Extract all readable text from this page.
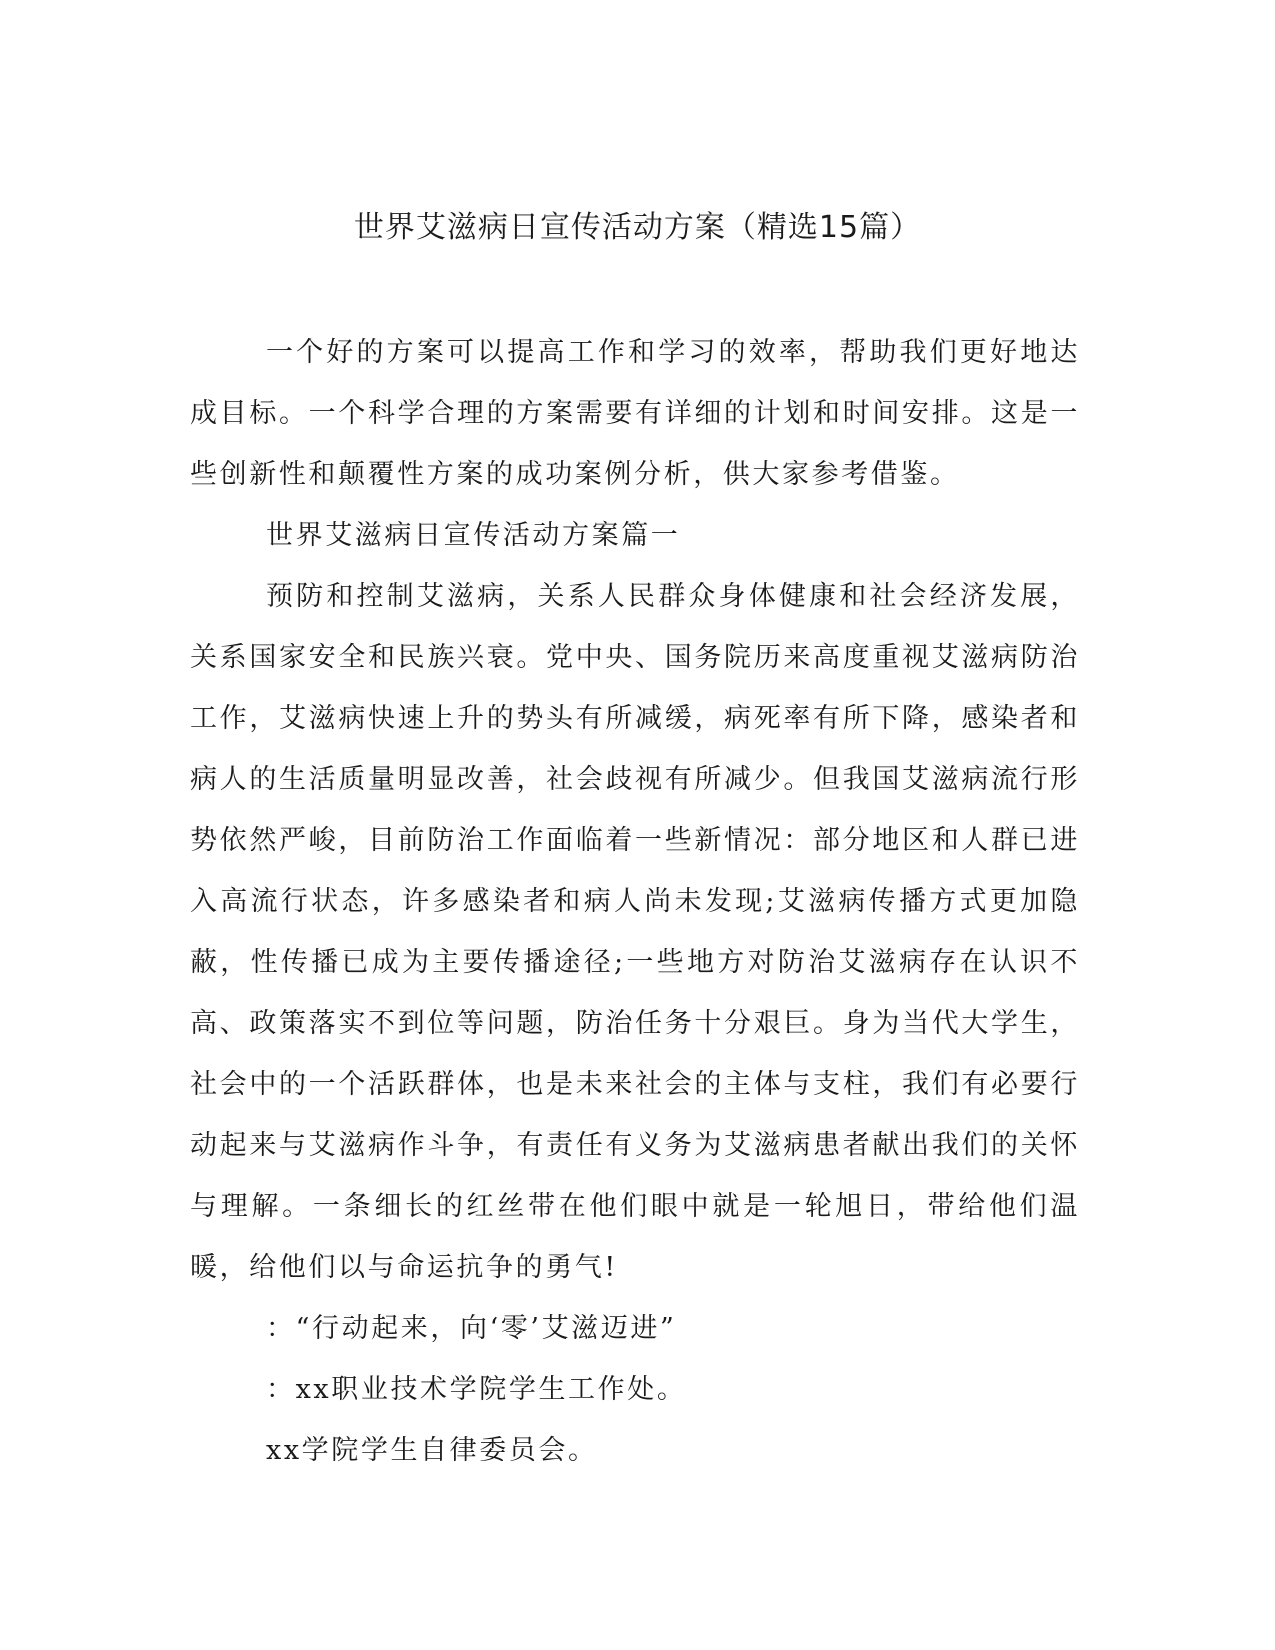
世界艾滋病日宣传活动方案（精选15篇）

一个好的方案可以提高工作和学习的效率，帮助我们更好地达成目标。一个科学合理的方案需要有详细的计划和时间安排。这是一些创新性和颠覆性方案的成功案例分析，供大家参考借鉴。

世界艾滋病日宣传活动方案篇一

预防和控制艾滋病，关系人民群众身体健康和社会经济发展，关系国家安全和民族兴衰。党中央、国务院历来高度重视艾滋病防治工作，艾滋病快速上升的势头有所减缓，病死率有所下降，感染者和病人的生活质量明显改善，社会歧视有所减少。但我国艾滋病流行形势依然严峻，目前防治工作面临着一些新情况：部分地区和人群已进入高流行状态，许多感染者和病人尚未发现;艾滋病传播方式更加隐蔽，性传播已成为主要传播途径;一些地方对防治艾滋病存在认识不高、政策落实不到位等问题，防治任务十分艰巨。身为当代大学生，社会中的一个活跃群体，也是未来社会的主体与支柱，我们有必要行动起来与艾滋病作斗争，有责任有义务为艾滋病患者献出我们的关怀与理解。一条细长的红丝带在他们眼中就是一轮旭日，带给他们温暖，给他们以与命运抗争的勇气!

：“行动起来，向‘零’艾滋迈进”

：xx职业技术学院学生工作处。

xx学院学生自律委员会。
